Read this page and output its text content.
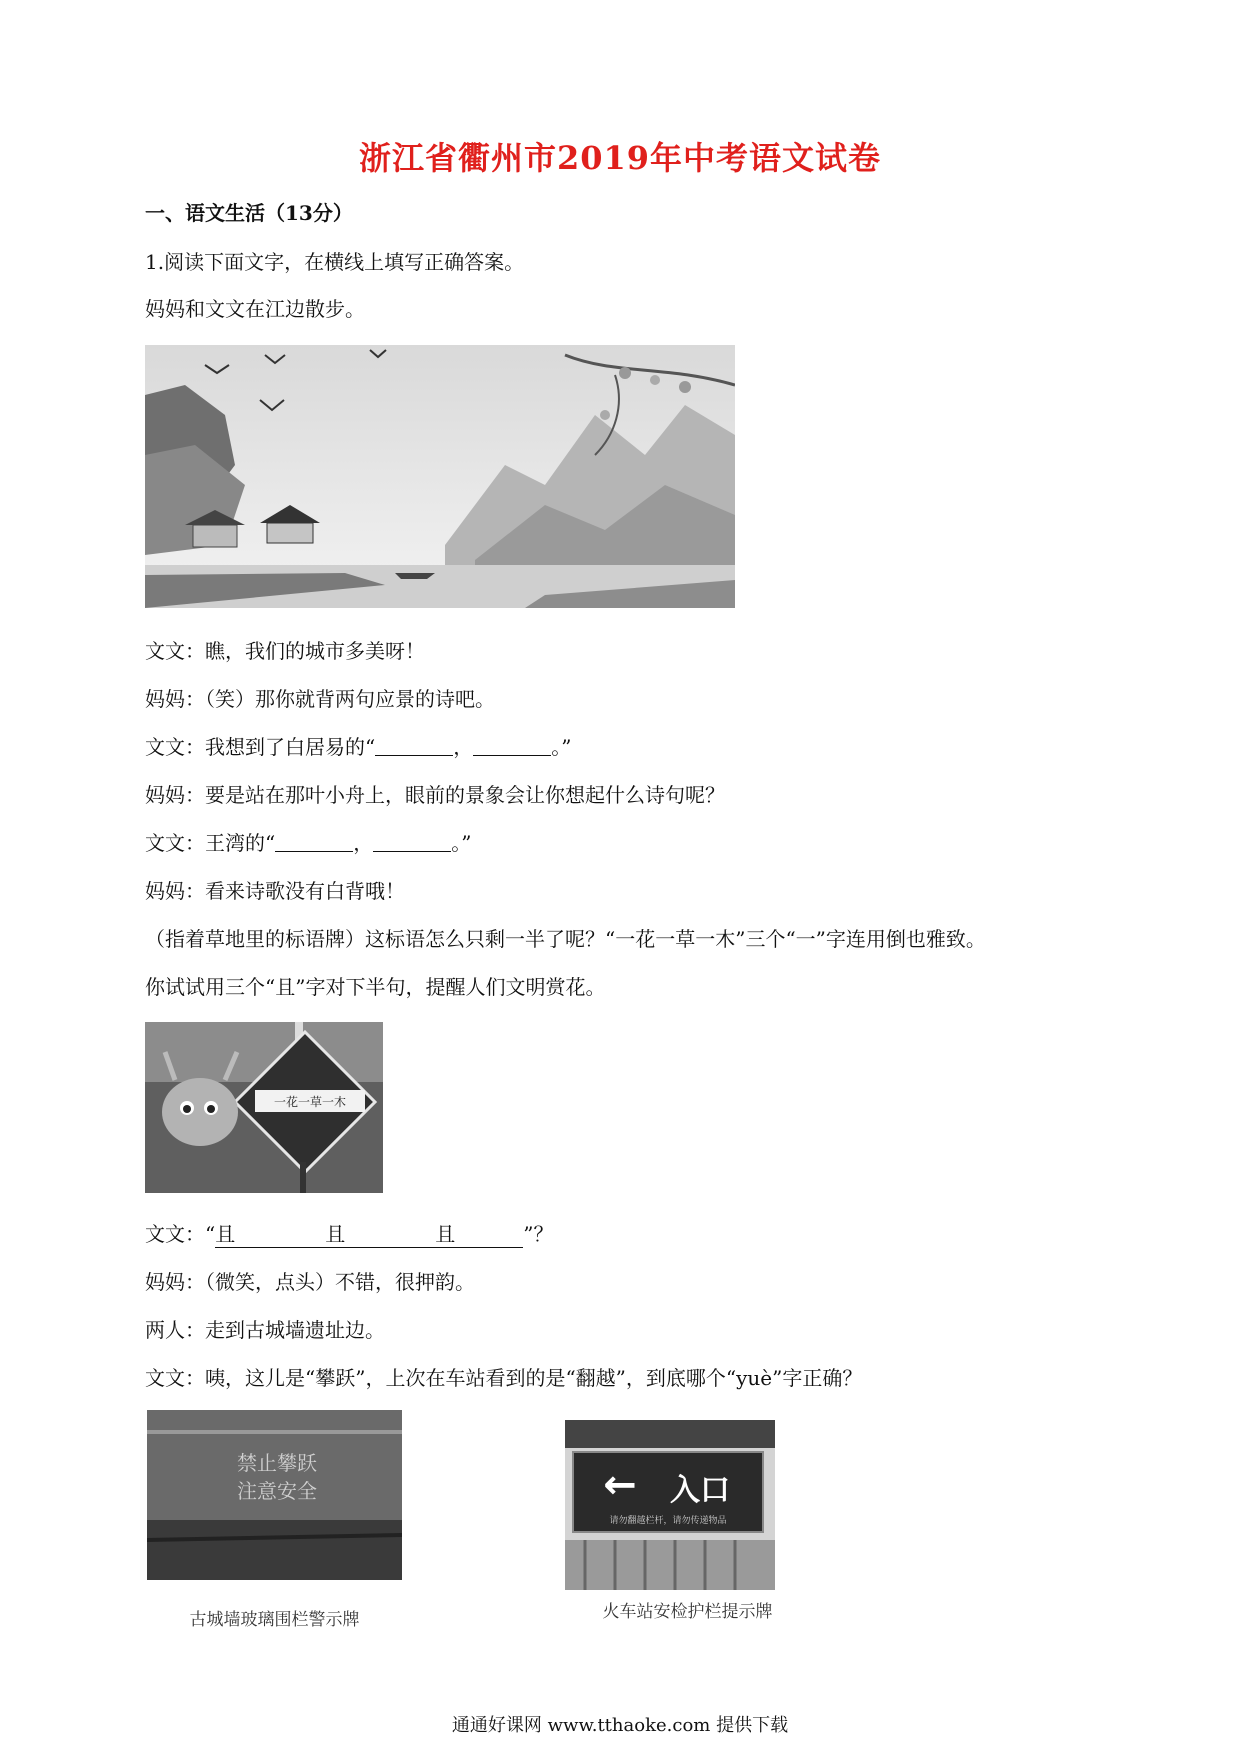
浙江省衢州市2019年中考语文试卷
一、语文生活（13分）
1.阅读下面文字，在横线上填写正确答案。
妈妈和文文在江边散步。
文文：瞧，我们的城市多美呀！
妈妈：（笑）那你就背两句应景的诗吧。
文文：我想到了白居易的“	，	。”
妈妈：要是站在那叶小舟上，眼前的景象会让你想起什么诗句呢？
文文：王湾的“	，	。”
妈妈：看来诗歌没有白背哦！
（指着草地里的标语牌）这标语怎么只剩一半了呢？“一花一草一木”三个“一”字连用倒也雅致。
你试试用三个“且”字对下半句，提醒人们文明赏花。
一花一草一木
文文：“且	且	且	”？
妈妈：（微笑，点头）不错，很押韵。
两人：走到古城墙遗址边。
文文：咦，这儿是“攀跃”，上次在车站看到的是“翻越”，到底哪个“yuè”字正确？
禁止攀跃
注意安全
古城墙玻璃围栏警示牌
← 入口
请勿翻越栏杆，请勿传递物品
火车站安检护栏提示牌
通通好课网 www.tthaoke.com 提供下载
